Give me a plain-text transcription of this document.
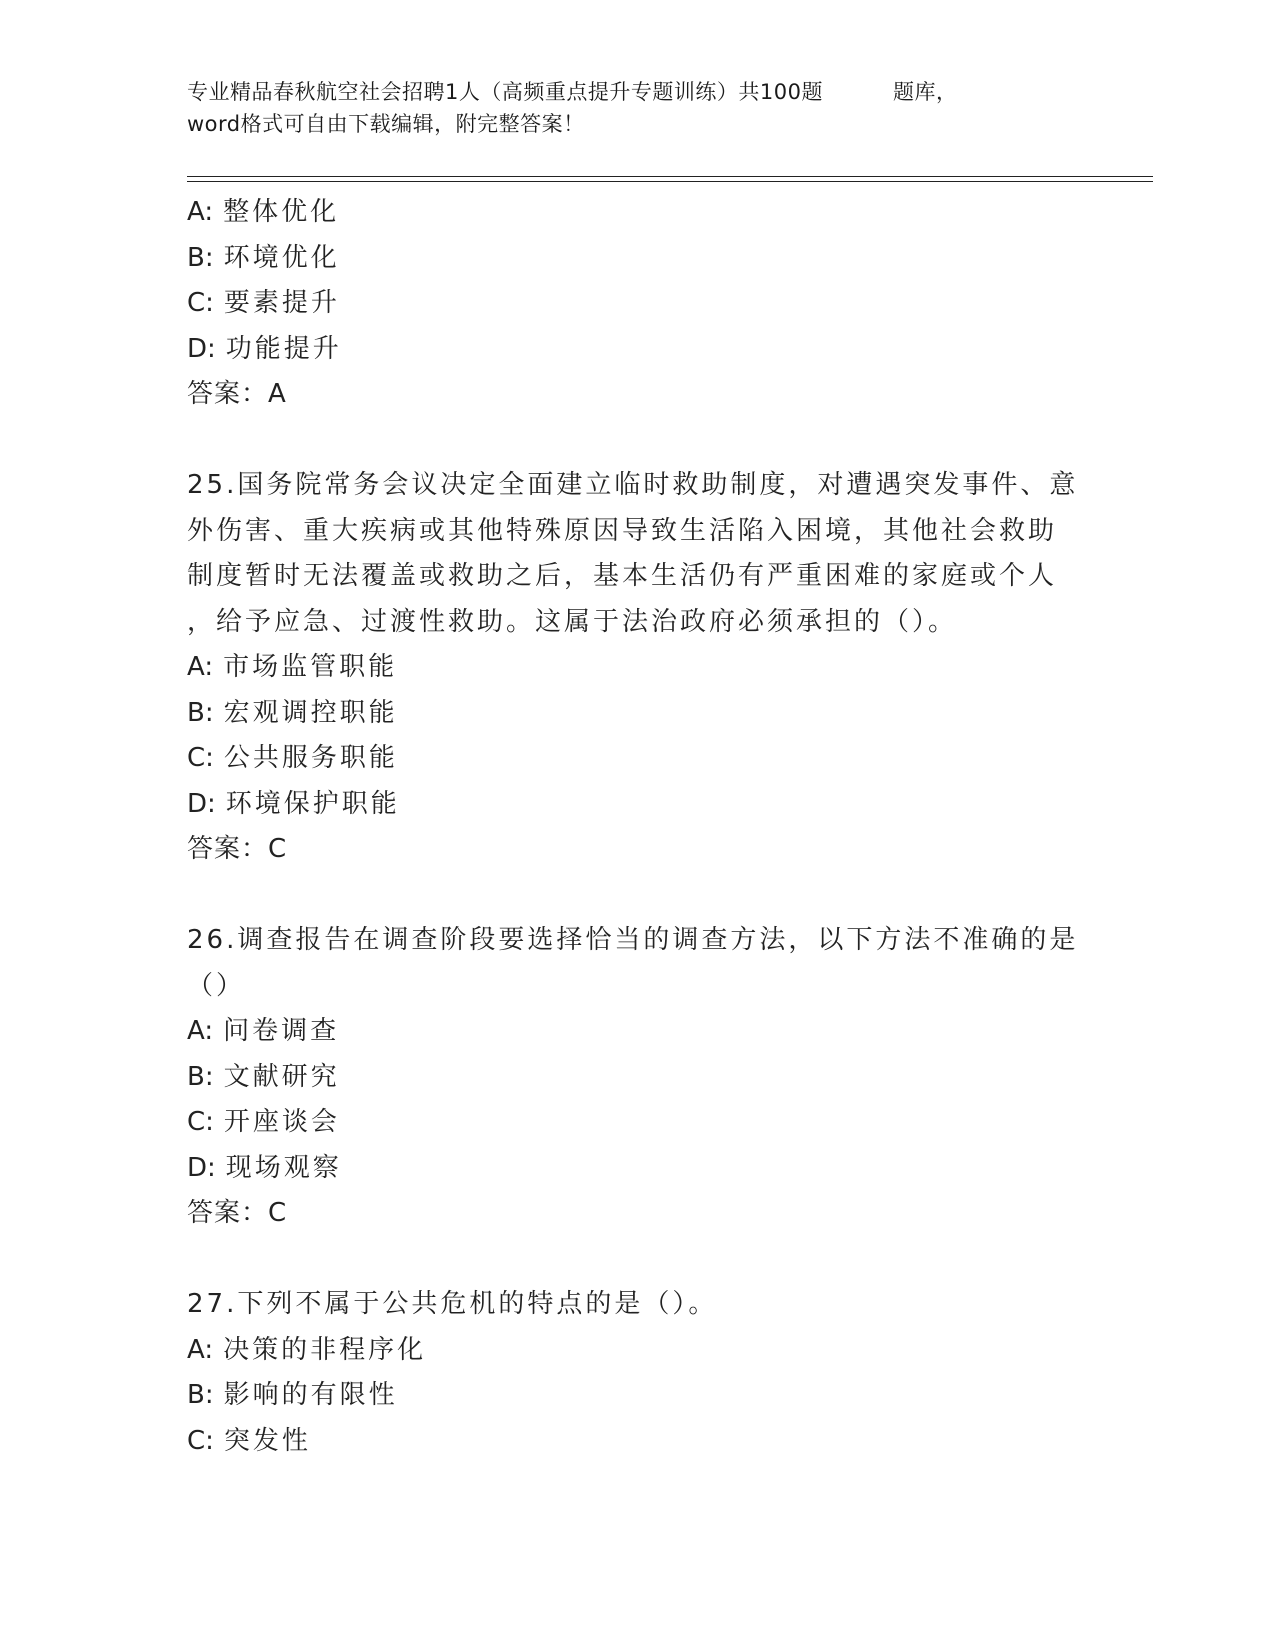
专业精品春秋航空社会招聘1人（高频重点提升专题训练）共100题	题库，
word格式可自由下载编辑，附完整答案！
A: 整体优化
B: 环境优化
C: 要素提升
D: 功能提升
答案：A
25.国务院常务会议决定全面建立临时救助制度，对遭遇突发事件、意
外伤害、重大疾病或其他特殊原因导致生活陷入困境，其他社会救助
制度暂时无法覆盖或救助之后，基本生活仍有严重困难的家庭或个人
，给予应急、过渡性救助。这属于法治政府必须承担的（）。
A: 市场监管职能
B: 宏观调控职能
C: 公共服务职能
D: 环境保护职能
答案：C
26.调查报告在调查阶段要选择恰当的调查方法，以下方法不准确的是
（）
A: 问卷调查
B: 文献研究
C: 开座谈会
D: 现场观察
答案：C
27.下列不属于公共危机的特点的是（）。
A: 决策的非程序化
B: 影响的有限性
C: 突发性
